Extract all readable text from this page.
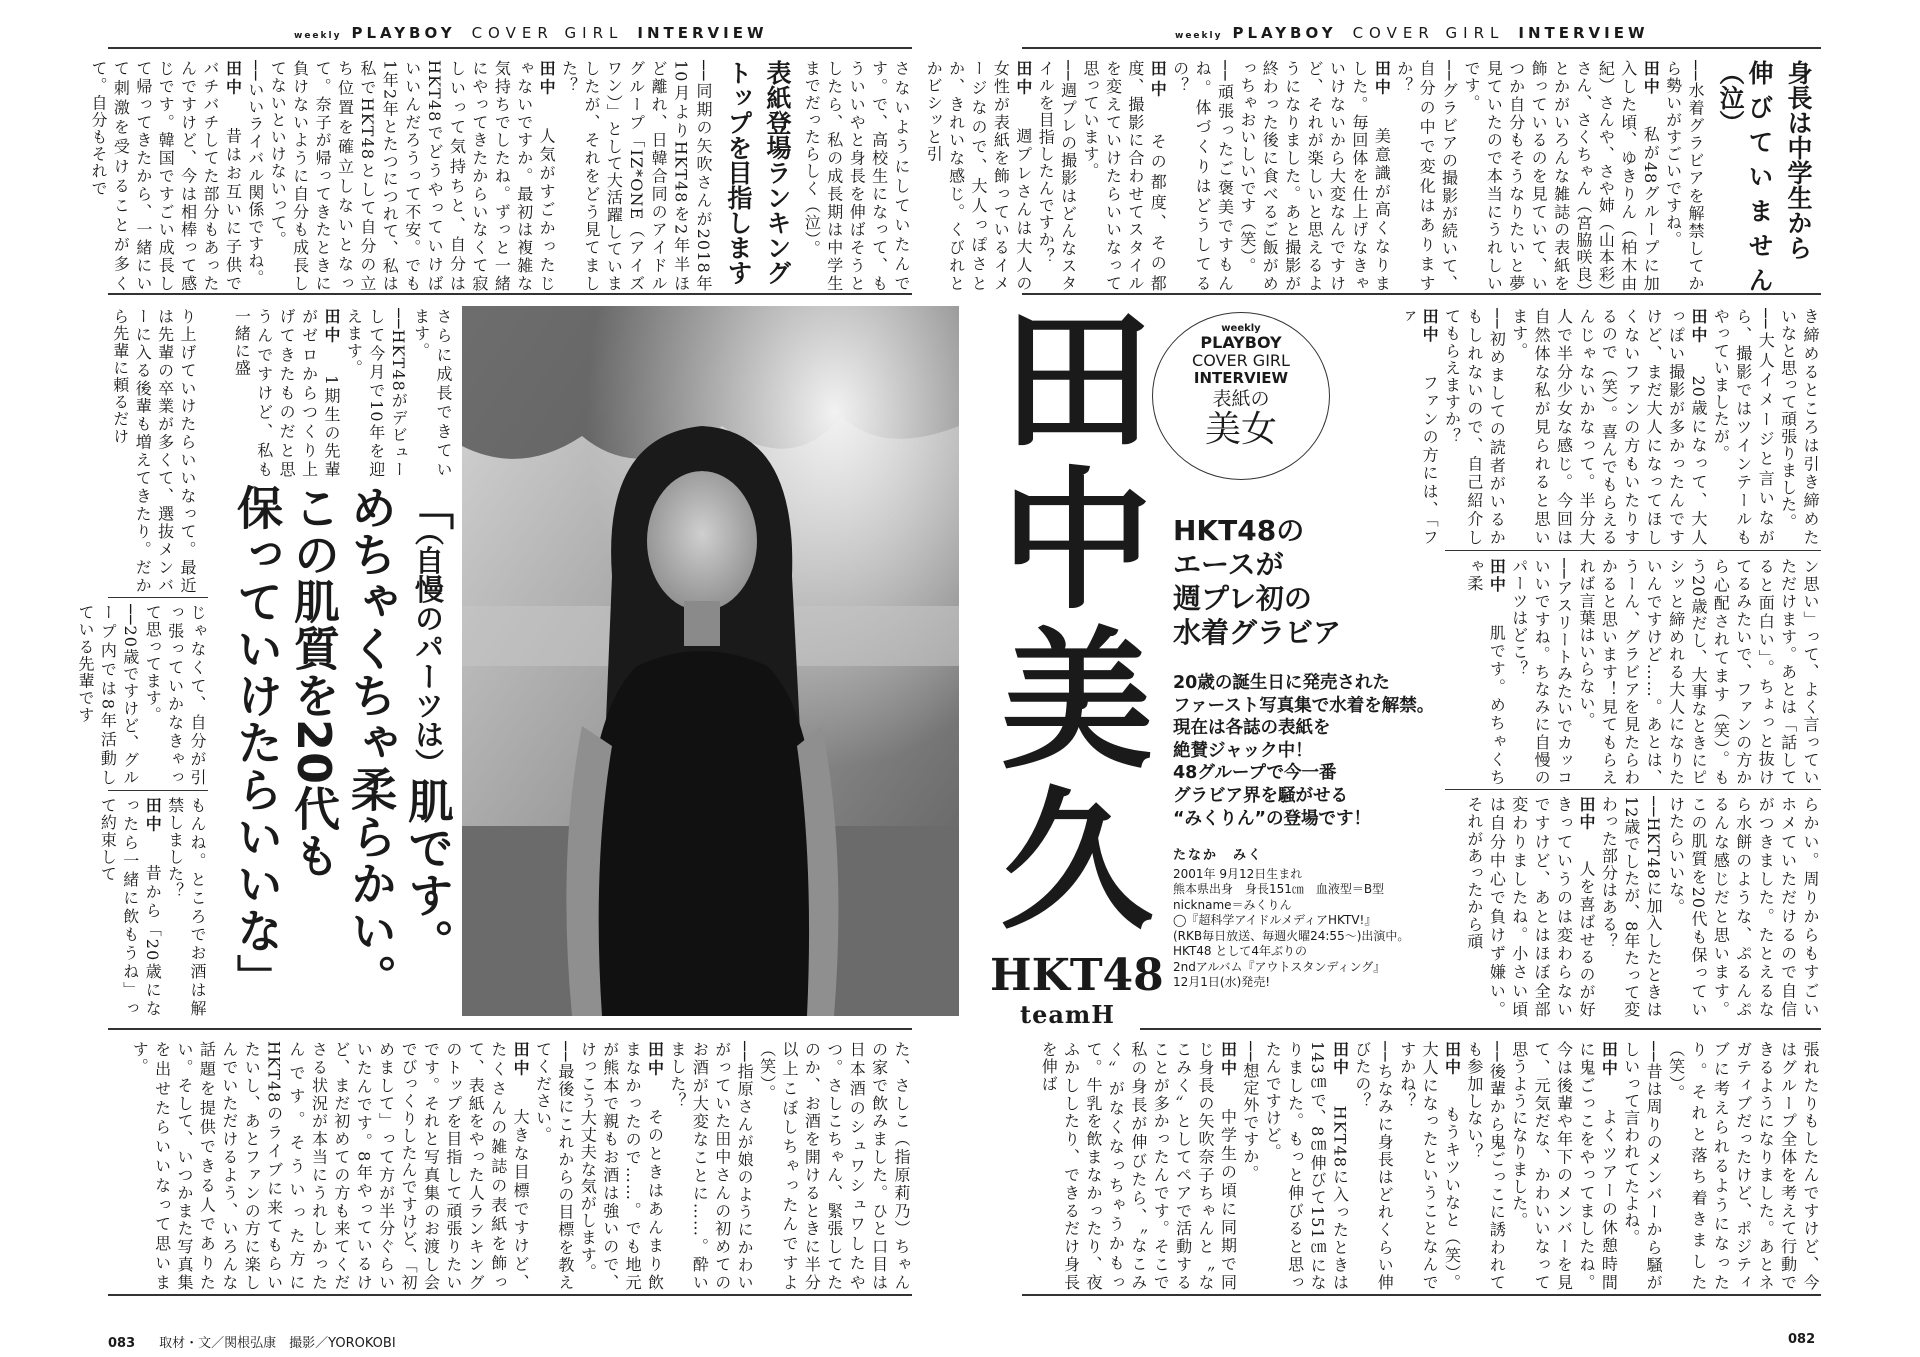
weekly PLAYBOY COVER GIRL INTERVIEW

さないようにしていたんです。で、高校生になって、もういいやと身長を伸ばそうとしたら、私の成長期は中学生までだったらしく（泣）。

表紙登場ランキング
トップを目指します

──同期の矢吹さんが2018年10月よりHKT48を2年半ほど離れ、日韓合同のアイドルグループ「IZ*ONE（アイズワン）」として大活躍していましたが、それをどう見てました？

田中人気がすごかったじゃないですか。最初は複雑な気持ちでしたね。ずっと一緒にやってきたからいなくて寂しいって気持ちと、自分はHKT48でどうやっていけばいいんだろうって不安。でも1年2年とたつにつれて、私は私でHKT48として自分の立ち位置を確立しないとなって。奈子が帰ってきたときに負けないように自分も成長してないといけないって。

──いいライバル関係ですね。

田中昔はお互いに子供でバチバチしてた部分もあったんですけど、今は相棒って感じです。韓国ですごい成長して帰ってきたから、一緒にいて刺激を受けることが多くて。自分もそれで

さらに成長できています。

──HKT48がデビューして今月で10年を迎えます。

田中1期生の先輩がゼロからつくり上げてきたものだと思うんですけど、私も一緒に盛

り上げていけたらいいなって。最近は先輩の卒業が多くて、選抜メンバーに入る後輩も増えてきたり。だから先輩に頼るだけ

じゃなくて、自分が引っ張っていかなきゃって思ってます。

──20歳ですけど、グループ内では8年活動している先輩です

もんね。ところでお酒は解禁しました？

田中昔から「20歳になったら一緒に飲もうね」って約束して

「（自慢のパーツは）肌です。
めちゃくちゃ柔らかい。
この肌質を20代も
保っていけたらいいな」

た、さしこ（指原莉乃）ちゃんの家で飲みました。ひと口目は日本酒のシュワシュワしたやつ。さしこちゃん、緊張してたのか、お酒を開けるときに半分以上こぼしちゃったんですよ（笑）。

──指原さんが娘のようにかわいがっていた田中さんの初めてのお酒が大変なことに……。酔いました？

田中そのときはあんまり飲まなかったので……。でも地元が熊本で親もお酒は強いので、けっこう大丈夫な気がします。

──最後にこれからの目標を教えてください。

田中大きな目標ですけど、たくさんの雑誌の表紙を飾って、表紙をやった人ランキングのトップを目指して頑張りたいです。それと写真集のお渡し会でびっくりしたんですけど、「初めまして」って方が半分ぐらいいたんです。8年やっているけど、まだ初めての方も来てくださる状況が本当にうれしかったんです。そういった方にHKT48のライブに来てもらいたいし、あとファンの方に楽しんでいただけるよう、いろんな話題を提供できる人でありたい。そして、いつかまた写真集を出せたらいいなって思います。

083 取材・文／関根弘康　撮影／YOROKOBI
weekly PLAYBOY COVER GIRL INTERVIEW
身長は中学生から
伸びていません（泣）

──水着グラビアを解禁してから勢いがすごいですね。

田中私が48グループに加入した頃、ゆきりん（柏木由紀）さんや、さや姉（山本彩）さん、さくちゃん（宮脇咲良）とかがいろんな雑誌の表紙を飾っているのを見ていて、いつか自分もそうなりたいと夢見ていたので本当にうれしいです。

──グラビアの撮影が続いて、自分の中で変化はありますか？

田中美意識が高くなりました。毎回体を仕上げなきゃいけないから大変なんですけど、それが楽しいと思えるようになりました。あと撮影が終わった後に食べるご飯がめっちゃおいしいです（笑）。

──頑張ったご褒美ですもんね。体づくりはどうしてるの？

田中その都度、その都度、撮影に合わせてスタイルを変えていけたらいいなって思っています。

──週プレの撮影はどんなスタイルを目指したんですか？

田中週プレさんは大人の女性が表紙を飾っているイメージなので、大人っぽさとか、きれいな感じ。くびれとかビシッと引

田中美久
HKT48
teamH
weekly
PLAYBOY
COVER GIRL
INTERVIEW
表紙の
美女
HKT48の
エースが
週プレ初の
水着グラビア
20歳の誕生日に発売された
ファースト写真集で水着を解禁。
現在は各誌の表紙を
絶賛ジャック中！
48グループで今一番
グラビア界を騒がせる
“みくりん”の登場です！
たなか　みく
2001年 9月12日生まれ
熊本県出身　身長151㎝　血液型＝B型
nickname＝みくりん
◯『超科学アイドルメディアHKTV!』
(RKB毎日放送、毎週火曜24:55～)出演中。
HKT48 として4年ぶりの
2ndアルバム『アウトスタンディング』
12月1日(水)発売!

き締めるところは引き締めたいなと思って頑張りました。

──大人イメージと言いながら、撮影ではツインテールもやっていましたが。

田中20歳になって、大人っぽい撮影が多かったんですけど、まだ大人になってほしくないファンの方もいたりするので（笑）。喜んでもらえるんじゃないかなって。半分大人で半分少女な感じ。今回は自然体な私が見られると思います。

──初めましての読者がいるかもしれないので、自己紹介してもらえますか？

田中ファンの方には、「ファ

ン思い」って、よく言っていただけます。あとは「話してると面白い」。ちょっと抜けてるみたいで、ファンの方から心配されてます（笑）。もう20歳だし、大事なときにピシッと締めれる大人になりたいんですけど……。あとは、うーん、グラビアを見たらわかると思います！見てもらえれば言葉はいらない。

──アスリートみたいでカッコいいですね。ちなみに自慢のパーツはどこ？

田中肌です。めちゃくちゃ柔

らかい。周りからもすごいホメていただけるので自信がつきました。たとえるなら水餅のような、ぷるんぷるんな感じだと思います。この肌質を20代も保っていけたらいいな。

──HKT48に加入したときは12歳でしたが、8年たって変わった部分はある？

田中人を喜ばせるのが好きっていうのは変わらないですけど、あとはほぼ全部変わりましたね。小さい頃は自分中心で負けず嫌い。それがあったから頑

張れたりもしたんですけど、今はグループ全体を考えて行動できるようになりました。あとネガティブだったけど、ポジティブに考えられるようになったり。それと落ち着きました（笑）。

──昔は周りのメンバーから騒がしいって言われてたよね。

田中よくツアーの休憩時間に鬼ごっこをやってましたね。今は後輩や年下のメンバーを見て、元気だな、かわいいなって思うようになりました。

──後輩から鬼ごっこに誘われても参加しない？

田中もうキツいなと（笑）。大人になったということなんですかね？

──ちなみに身長はどれくらい伸びたの？

田中HKT48に入ったときは143㎝で、8㎝伸びて151㎝になりました。もっと伸びると思ったんですけど。

──想定外ですか。

田中中学生の頃に同期で同じ身長の矢吹奈子ちゃんと〝なこみく〟としてペアで活動することが多かったんです。そこで私の身長が伸びたら、〝なこみく〟がなくなっちゃうかもって。牛乳を飲まなかったり、夜ふかししたり、できるだけ身長を伸ば

082
